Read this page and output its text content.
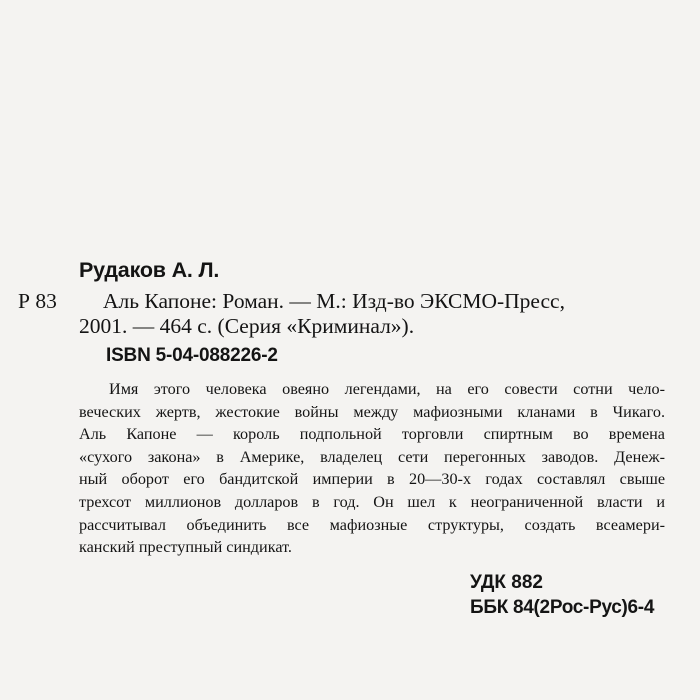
Рудаков А. Л.
Р 83 Аль Капоне: Роман. — М.: Изд-во ЭКСМО-Пресс,
2001. — 464 с. (Серия «Криминал»).
ISBN 5-04-088226-2
Имя этого человека овеяно легендами, на его совести сотни чело-
веческих жертв, жестокие войны между мафиозными кланами в Чикаго.
Аль Капоне — король подпольной торговли спиртным во времена
«сухого закона» в Америке, владелец сети перегонных заводов. Денеж-
ный оборот его бандитской империи в 20—30-х годах составлял свыше
трехсот миллионов долларов в год. Он шел к неограниченной власти и
рассчитывал объединить все мафиозные структуры, создать всеамери-
канский преступный синдикат.
УДК 882
ББК 84(2Рос-Рус)6-4
